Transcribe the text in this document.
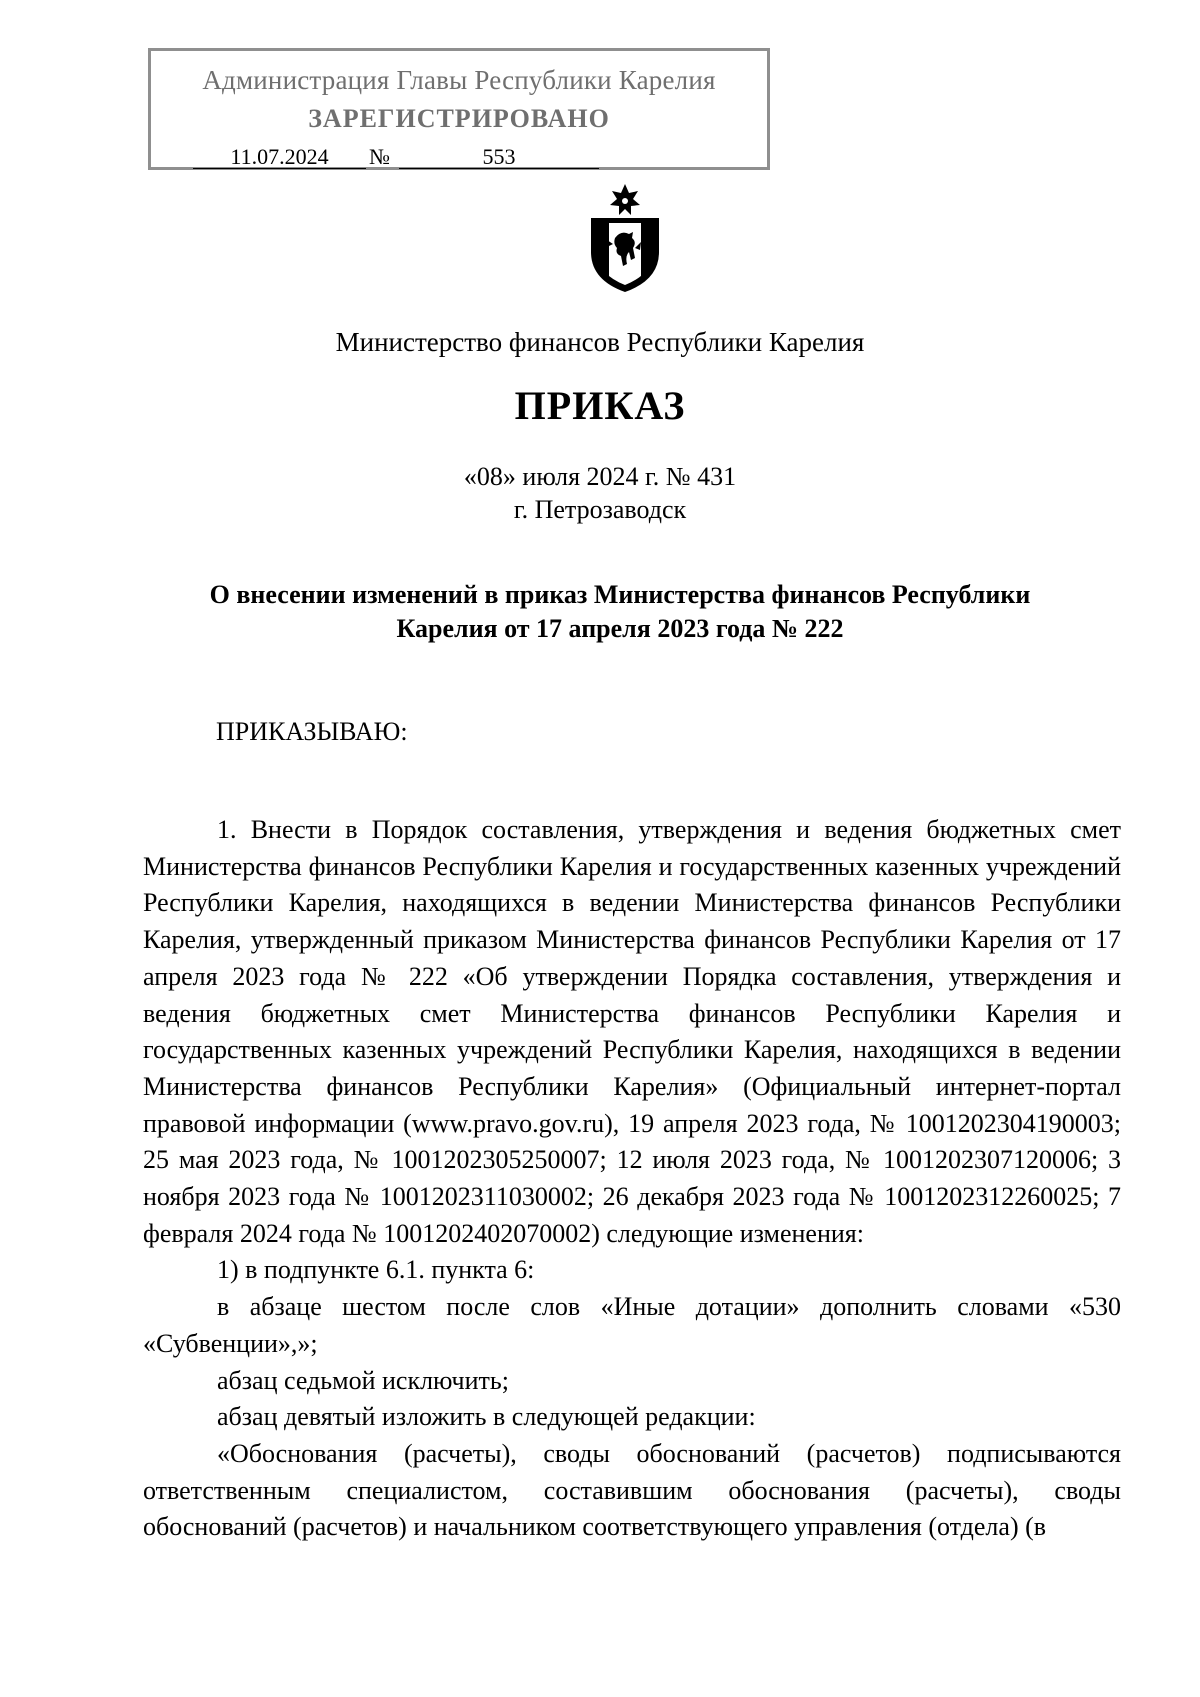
Администрация Главы Республики Карелия
ЗАРЕГИСТРИРОВАНО
11.07.2024	№	553
Министерство финансов Республики Карелия
ПРИКАЗ
«08» июля 2024 г. № 431
г. Петрозаводск
О внесении изменений в приказ Министерства финансов Республики Карелия от 17 апреля 2023 года № 222
ПРИКАЗЫВАЮ:

1. Внести в Порядок составления, утверждения и ведения бюджетных смет Министерства финансов Республики Карелия и государственных казенных учреждений Республики Карелия, находящихся в ведении Министерства финансов Республики Карелия, утвержденный приказом Министерства финансов Республики Карелия от 17 апреля 2023 года № 222 «Об утверждении Порядка составления, утверждения и ведения бюджетных смет Министерства финансов Республики Карелия и государственных казенных учреждений Республики Карелия, находящихся в ведении Министерства финансов Республики Карелия» (Официальный интернет-портал правовой информации (www.pravo.gov.ru), 19 апреля 2023 года, № 1001202304190003; 25 мая 2023 года, № 1001202305250007; 12 июля 2023 года, № 1001202307120006; 3 ноября 2023 года № 1001202311030002; 26 декабря 2023 года № 1001202312260025; 7 февраля 2024 года № 1001202402070002) следующие изменения:

1) в подпункте 6.1. пункта 6:

в абзаце шестом после слов «Иные дотации» дополнить словами «530 «Субвенции»,»;

абзац седьмой исключить;

абзац девятый изложить в следующей редакции:

«Обоснования (расчеты), своды обоснований (расчетов) подписываются ответственным специалистом, составившим обоснования (расчеты), своды обоснований (расчетов) и начальником соответствующего управления (отдела) (в
